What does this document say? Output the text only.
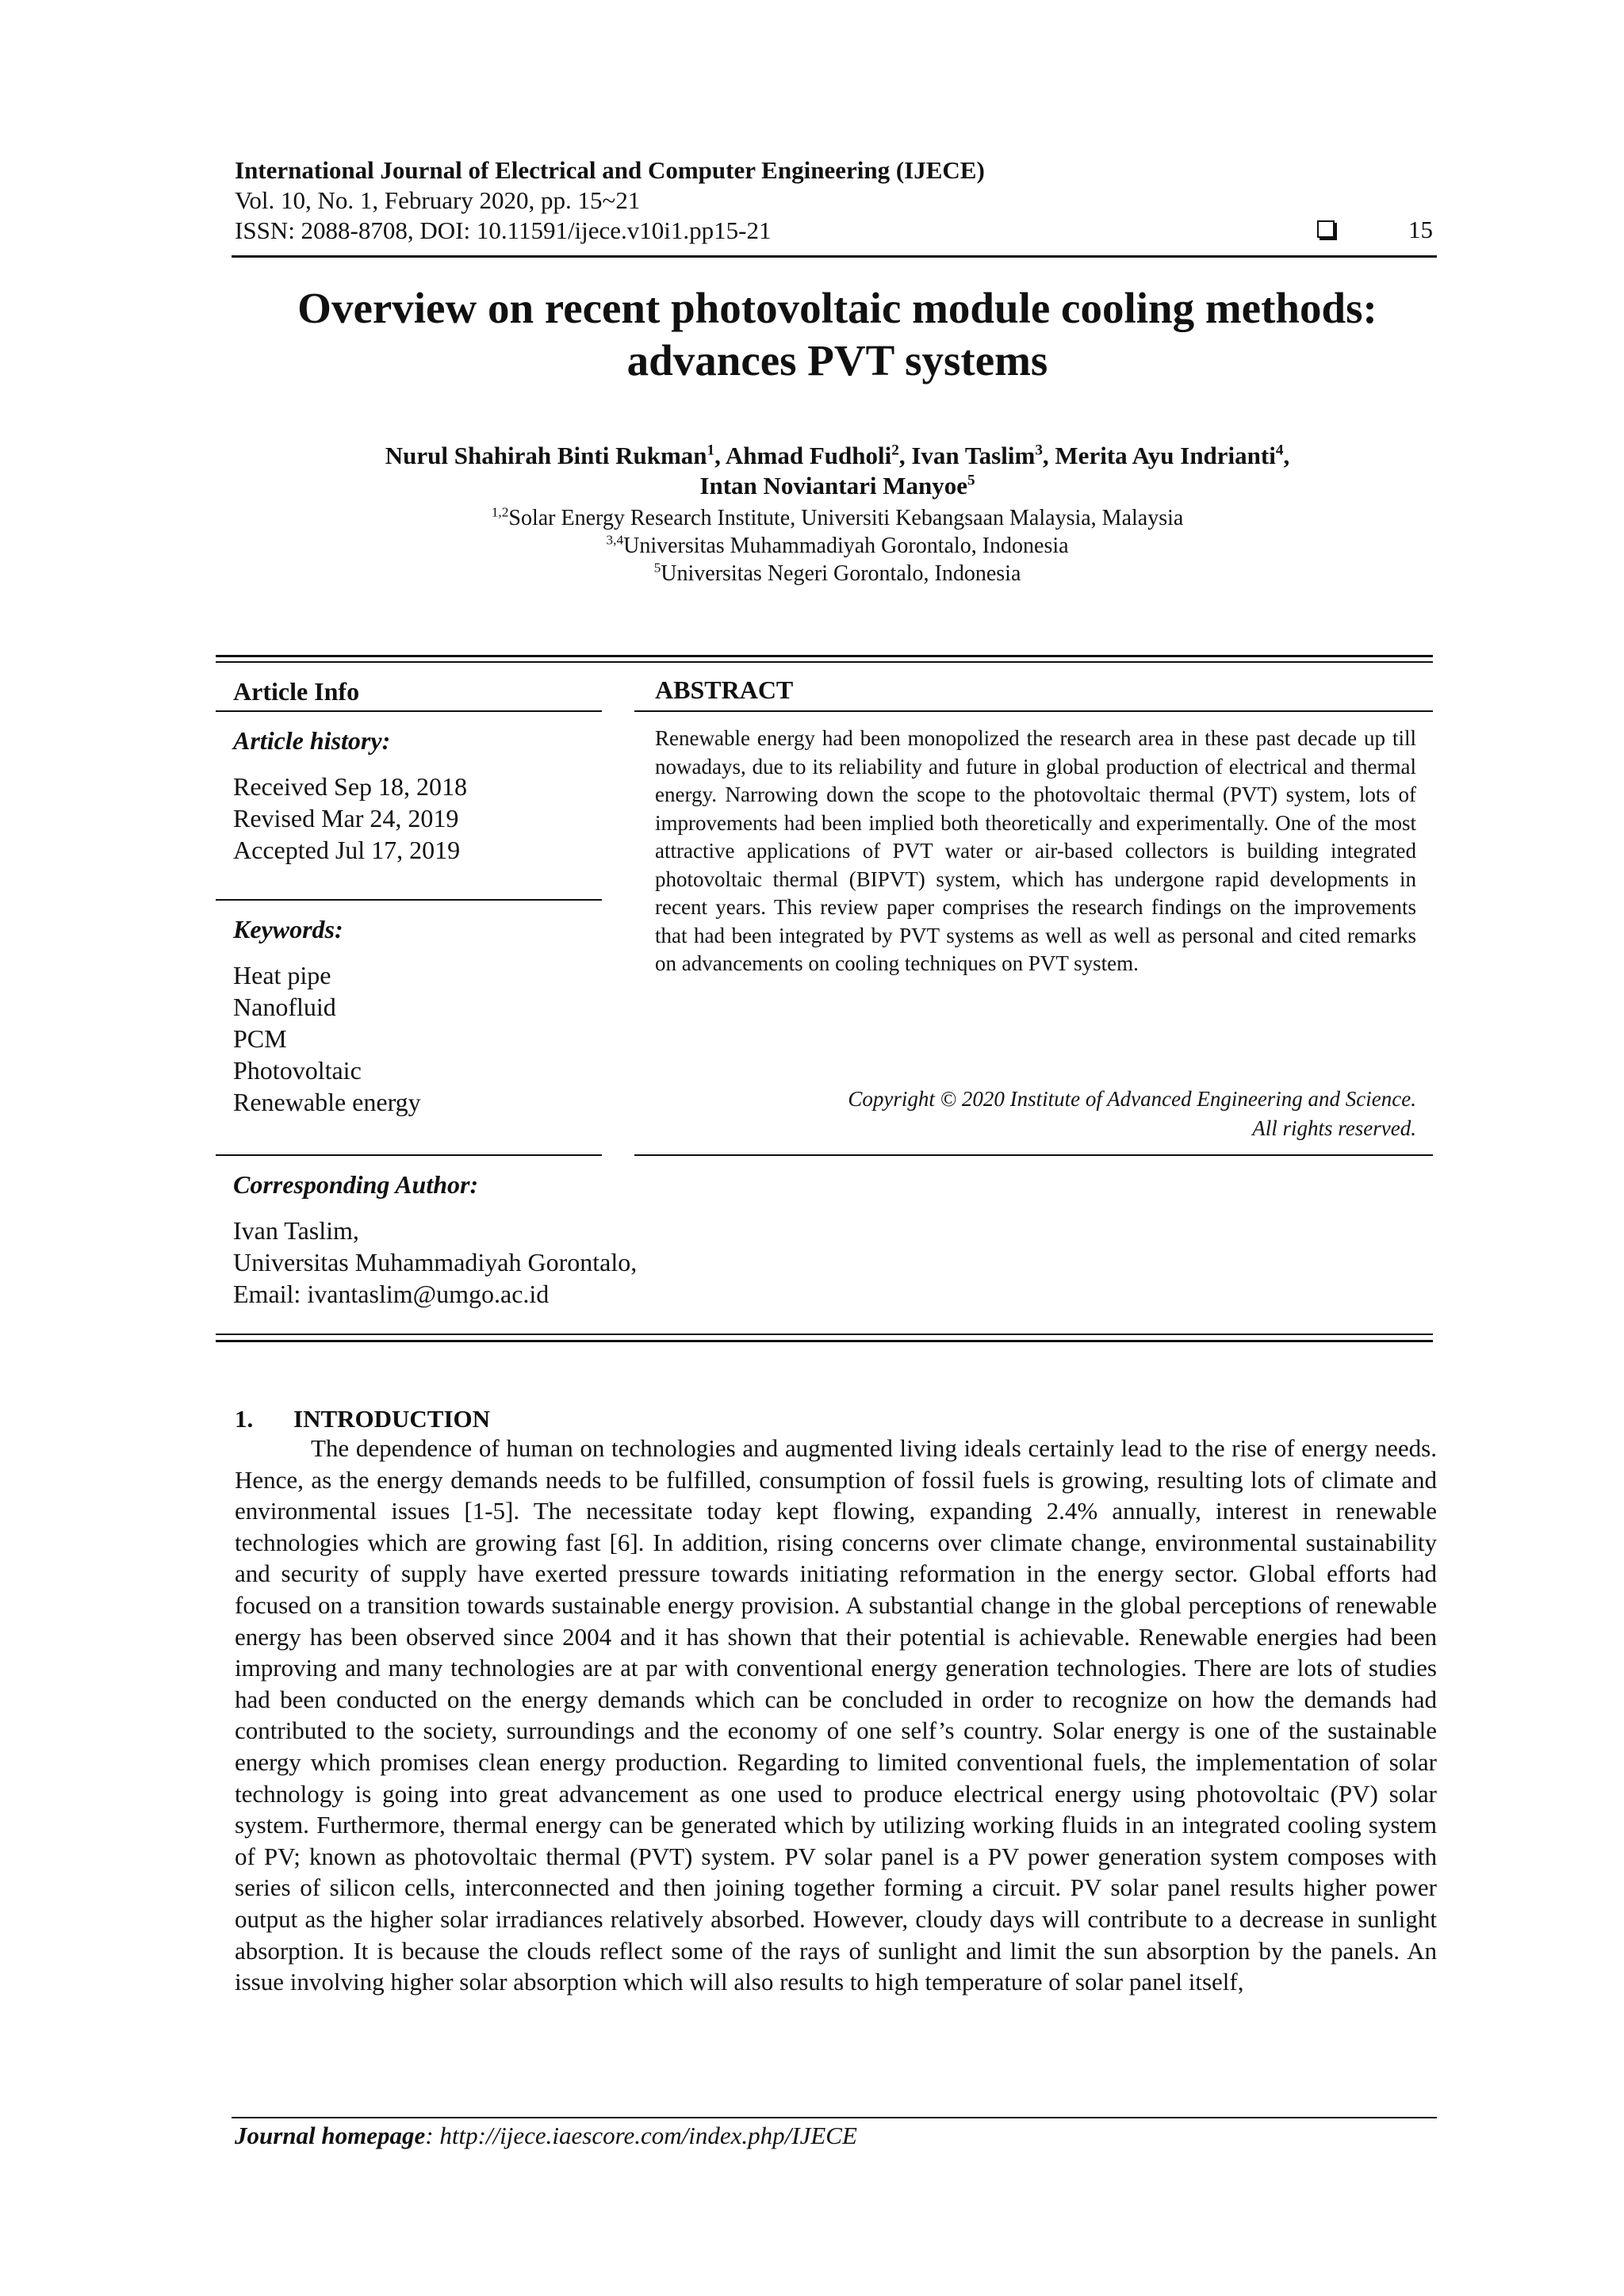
International Journal of Electrical and Computer Engineering (IJECE)
Vol. 10, No. 1, February 2020, pp. 15~21
ISSN: 2088-8708, DOI: 10.11591/ijece.v10i1.pp15-21	15
Overview on recent photovoltaic module cooling methods:
advances PVT systems
Nurul Shahirah Binti Rukman$^1$, Ahmad Fudholi$^2$, Ivan Taslim$^3$, Merita Ayu Indrianti$^4$,
Intan Noviantari Manyoe$^5$
$^{1,2}$Solar Energy Research Institute, Universiti Kebangsaan Malaysia, Malaysia
$^{3,4}$Universitas Muhammadiyah Gorontalo, Indonesia
$^5$Universitas Negeri Gorontalo, Indonesia
Article Info
Article history:
Received Sep 18, 2018
Revised Mar 24, 2019
Accepted Jul 17, 2019
Keywords:
Heat pipe
Nanofluid
PCM
Photovoltaic
Renewable energy
Corresponding Author:
Ivan Taslim,
Universitas Muhammadiyah Gorontalo,
Email: ivantaslim@umgo.ac.id
ABSTRACT
Renewable energy had been monopolized the research area in these past decade up till nowadays, due to its reliability and future in global production of electrical and thermal energy. Narrowing down the scope to the photovoltaic thermal (PVT) system, lots of improvements had been implied both theoretically and experimentally. One of the most attractive applications of PVT water or air-based collectors is building integrated photovoltaic thermal (BIPVT) system, which has undergone rapid developments in recent years. This review paper comprises the research findings on the improvements that had been integrated by PVT systems as well as well as personal and cited remarks on advancements on cooling techniques on PVT system.
Copyright © 2020 Institute of Advanced Engineering and Science.
All rights reserved.
1. INTRODUCTION
The dependence of human on technologies and augmented living ideals certainly lead to the rise of energy needs. Hence, as the energy demands needs to be fulfilled, consumption of fossil fuels is growing, resulting lots of climate and environmental issues [1-5]. The necessitate today kept flowing, expanding 2.4% annually, interest in renewable technologies which are growing fast [6]. In addition, rising concerns over climate change, environmental sustainability and security of supply have exerted pressure towards initiating reformation in the energy sector. Global efforts had focused on a transition towards sustainable energy provision. A substantial change in the global perceptions of renewable energy has been observed since 2004 and it has shown that their potential is achievable. Renewable energies had been improving and many technologies are at par with conventional energy generation technologies. There are lots of studies had been conducted on the energy demands which can be concluded in order to recognize on how the demands had contributed to the society, surroundings and the economy of one self’s country. Solar energy is one of the sustainable energy which promises clean energy production. Regarding to limited conventional fuels, the implementation of solar technology is going into great advancement as one used to produce electrical energy using photovoltaic (PV) solar system. Furthermore, thermal energy can be generated which by utilizing working fluids in an integrated cooling system of PV; known as photovoltaic thermal (PVT) system. PV solar panel is a PV power generation system composes with series of silicon cells, interconnected and then joining together forming a circuit. PV solar panel results higher power output as the higher solar irradiances relatively absorbed. However, cloudy days will contribute to a decrease in sunlight absorption. It is because the clouds reflect some of the rays of sunlight and limit the sun absorption by the panels. An issue involving higher solar absorption which will also results to high temperature of solar panel itself,
Journal homepage: http://ijece.iaescore.com/index.php/IJECE
